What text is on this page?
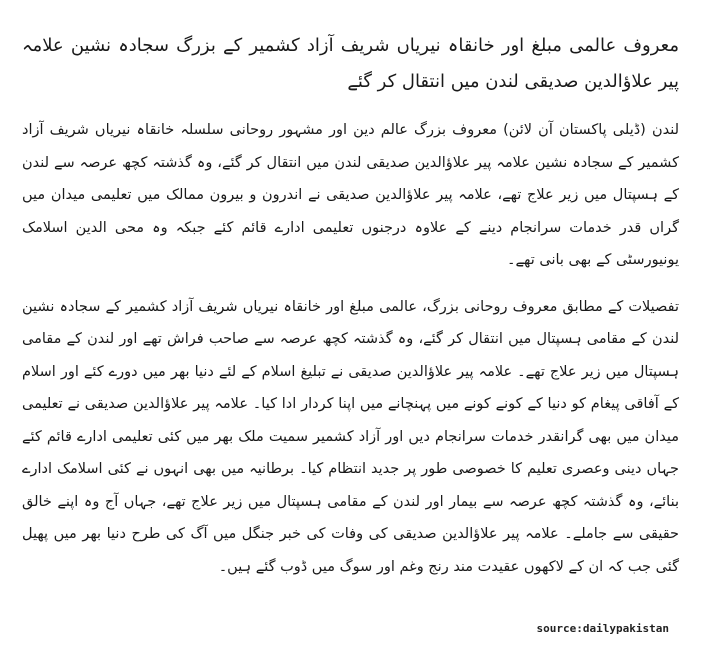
معروف عالمی مبلغ اور خانقاہ نیریاں شریف آزاد کشمیر کے بزرگ سجادہ نشین علامہ پیر علاؤالدین صدیقی لندن میں انتقال کر گئے

لندن (ڈیلی پاکستان آن لائن) معروف بزرگ عالم دین اور مشہور روحانی سلسلہ خانقاہ نیریاں شریف آزاد کشمیر کے سجادہ نشین علامہ پیر علاؤالدین صدیقی لندن میں انتقال کر گئے، وہ گذشتہ کچھ عرصہ سے لندن کے ہسپتال میں زیر علاج تھے، علامہ پیر علاؤالدین صدیقی نے اندرون و بیرون ممالک میں تعلیمی میدان میں گراں قدر خدمات سرانجام دینے کے علاوہ درجنوں تعلیمی ادارے قائم کئے جبکہ وہ محی الدین اسلامک یونیورسٹی کے بھی بانی تھے۔

تفصیلات کے مطابق معروف روحانی بزرگ، عالمی مبلغ اور خانقاہ نیریاں شریف آزاد کشمیر کے سجادہ نشین لندن کے مقامی ہسپتال میں انتقال کر گئے، وہ گذشتہ کچھ عرصہ سے صاحب فراش تھے اور لندن کے مقامی ہسپتال میں زیر علاج تھے۔ علامہ پیر علاؤالدین صدیقی نے تبلیغ اسلام کے لئے دنیا بھر میں دورے کئے اور اسلام کے آفاقی پیغام کو دنیا کے کونے کونے میں پہنچانے میں اپنا کردار ادا کیا۔ علامہ پیر علاؤالدین صدیقی نے تعلیمی میدان میں بھی گرانقدر خدمات سرانجام دیں اور آزاد کشمیر سمیت ملک بھر میں کئی تعلیمی ادارے قائم کئے جہاں دینی وعصری تعلیم کا خصوصی طور پر جدید انتظام کیا۔ برطانیہ میں بھی انہوں نے کئی اسلامک ادارے بنائے، وہ گذشتہ کچھ عرصہ سے بیمار اور لندن کے مقامی ہسپتال میں زیر علاج تھے، جہاں آج وہ اپنے خالق حقیقی سے جاملے۔ علامہ پیر علاؤالدین صدیقی کی وفات کی خبر جنگل میں آگ کی طرح دنیا بھر میں پھیل گئی جب کہ ان کے لاکھوں عقیدت مند رنج وغم اور سوگ میں ڈوب گئے ہیں۔

source:dailypakistan
